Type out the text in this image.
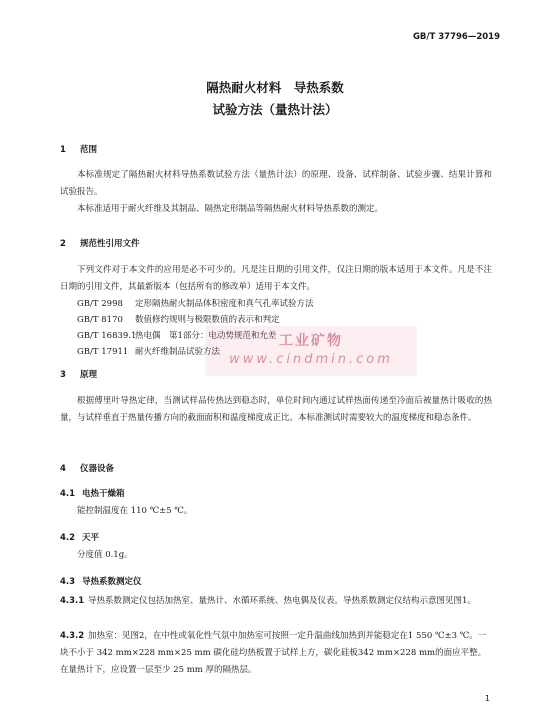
GB/T 37796—2019
隔热耐火材料　导热系数
试验方法（量热计法）
1 范围
本标准规定了隔热耐火材料导热系数试验方法（量热计法）的原理、设备、试样制备、试验步骤、结果计算和试验报告。
本标准适用于耐火纤维及其制品、隔热定形制品等隔热耐火材料导热系数的测定。
2 规范性引用文件
下列文件对于本文件的应用是必不可少的。凡是注日期的引用文件，仅注日期的版本适用于本文件。凡是不注日期的引用文件，其最新版本（包括所有的修改单）适用于本文件。
GB/T 2998 定形隔热耐火制品体积密度和真气孔率试验方法
GB/T 8170 数值修约规则与极限数值的表示和判定
GB/T 16839.1热电偶　第1部分：电动势规范和允差
GB/T 17911 耐火纤维制品试验方法
工业矿物
www.cindmin.com
3 原理
根据傅里叶导热定律，当测试样品传热达到稳态时，单位时间内通过试样热面传递至冷面后被量热计吸收的热量，与试样垂直于热量传播方向的截面面积和温度梯度成正比。本标准测试时需要较大的温度梯度和稳态条件。
4 仪器设备
4.1 电热干燥箱
能控制温度在 110 ℃±5 ℃。
4.2 天平
分度值 0.1g。
4.3 导热系数测定仪
4.3.1 导热系数测定仪包括加热室、量热计、水循环系统、热电偶及仪表。导热系数测定仪结构示意图见图1。
4.3.2 加热室：见图2，在中性或氧化性气氛中加热室可按照一定升温曲线加热到并能稳定在1 550 ℃±3 ℃。一块不小于 342 mm×228 mm×25 mm 碳化硅均热板置于试样上方，碳化硅板342 mm×228 mm的面应平整。在量热计下，应设置一层至少 25 mm 厚的隔热层。
1
